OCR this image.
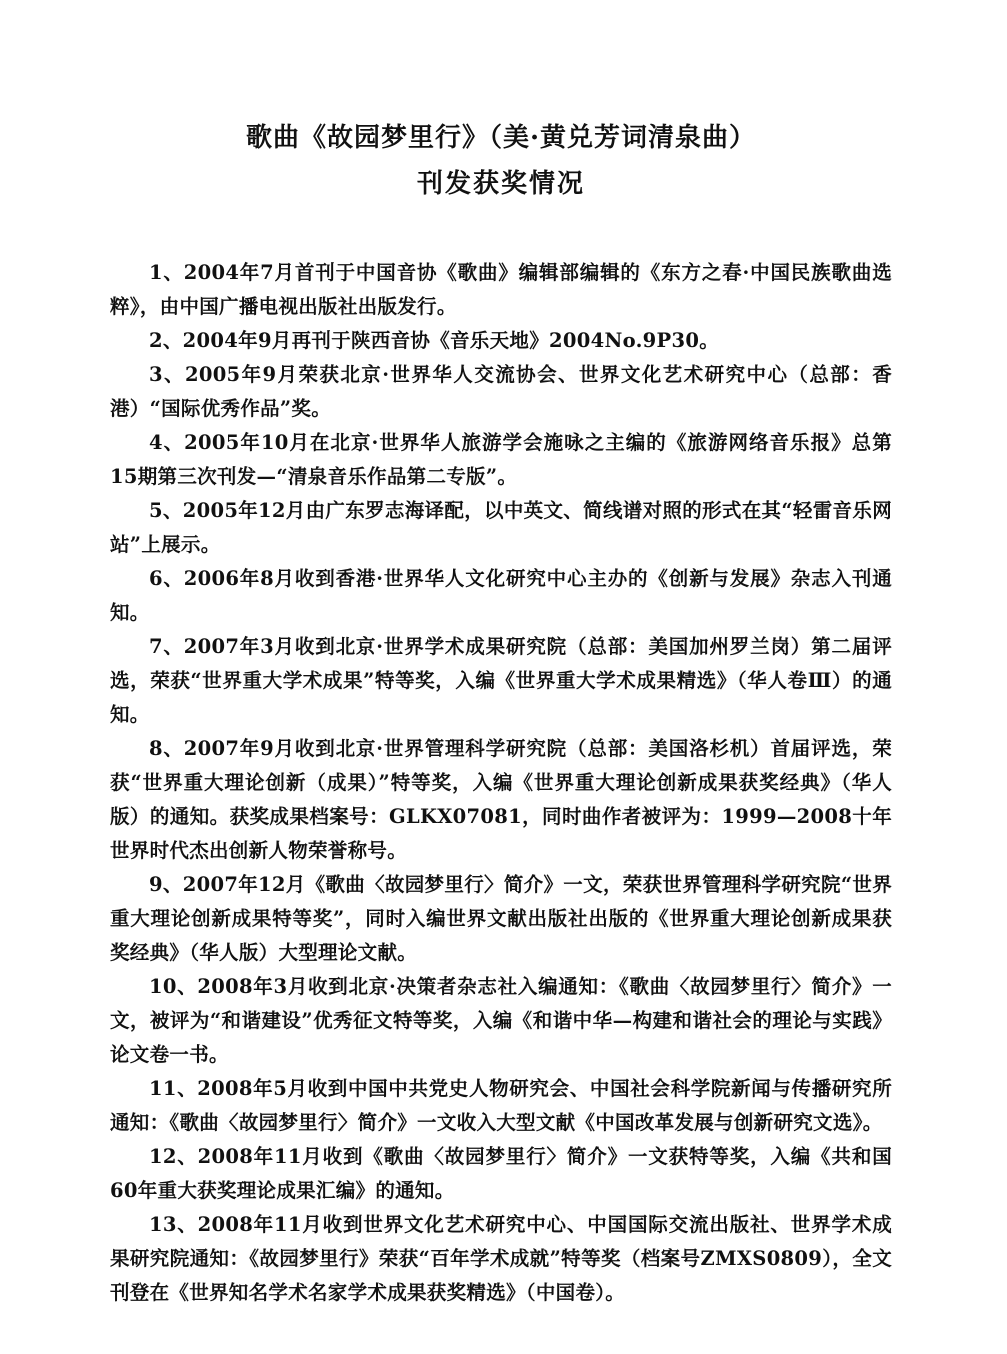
歌曲《故园梦里行》（美·黄兑芳词清泉曲）
刊发获奖情况

1、2004年7月首刊于中国音协《歌曲》编辑部编辑的《东方之春·中国民族歌曲选粹》，由中国广播电视出版社出版发行。

2、2004年9月再刊于陕西音协《音乐天地》2004No.9P30。

3、2005年9月荣获北京·世界华人交流协会、世界文化艺术研究中心（总部：香港）“国际优秀作品”奖。

4、2005年10月在北京·世界华人旅游学会施咏之主编的《旅游网络音乐报》总第15期第三次刊发—“清泉音乐作品第二专版”。

5、2005年12月由广东罗志海译配，以中英文、简线谱对照的形式在其“轻雷音乐网站”上展示。

6、2006年8月收到香港·世界华人文化研究中心主办的《创新与发展》杂志入刊通知。

7、2007年3月收到北京·世界学术成果研究院（总部：美国加州罗兰岗）第二届评选，荣获“世界重大学术成果”特等奖，入编《世界重大学术成果精选》（华人卷Ⅲ）的通知。

8、2007年9月收到北京·世界管理科学研究院（总部：美国洛杉机）首届评选，荣获“世界重大理论创新（成果）”特等奖，入编《世界重大理论创新成果获奖经典》（华人版）的通知。获奖成果档案号：GLKX07081，同时曲作者被评为：1999—2008十年世界时代杰出创新人物荣誉称号。

9、2007年12月《歌曲〈故园梦里行〉简介》一文，荣获世界管理科学研究院“世界重大理论创新成果特等奖”，同时入编世界文献出版社出版的《世界重大理论创新成果获奖经典》（华人版）大型理论文献。

10、2008年3月收到北京·决策者杂志社入编通知：《歌曲〈故园梦里行〉简介》一文，被评为“和谐建设”优秀征文特等奖，入编《和谐中华—构建和谐社会的理论与实践》论文卷一书。

11、2008年5月收到中国中共党史人物研究会、中国社会科学院新闻与传播研究所通知：《歌曲〈故园梦里行〉简介》一文收入大型文献《中国改革发展与创新研究文选》。

12、2008年11月收到《歌曲〈故园梦里行〉简介》一文获特等奖，入编《共和国60年重大获奖理论成果汇编》的通知。

13、2008年11月收到世界文化艺术研究中心、中国国际交流出版社、世界学术成果研究院通知：《故园梦里行》荣获“百年学术成就”特等奖（档案号ZMXS0809），全文刊登在《世界知名学术名家学术成果获奖精选》（中国卷）。
